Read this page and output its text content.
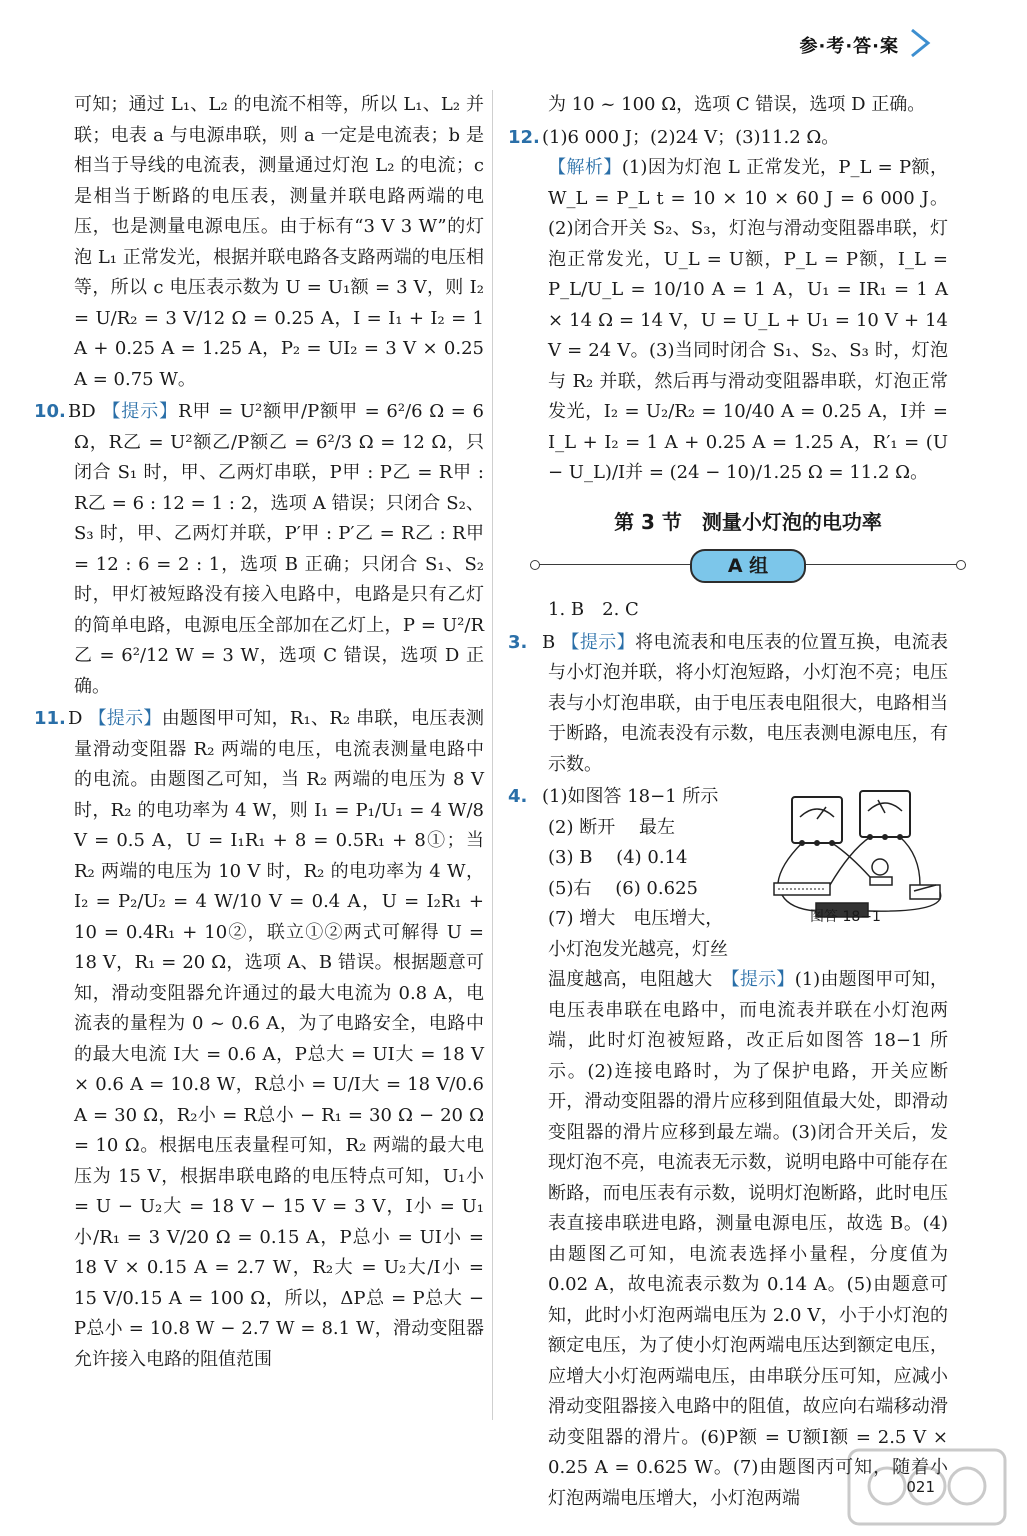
参·考·答·案

可知；通过 L₁、L₂ 的电流不相等，所以 L₁、L₂ 并联；电表 a 与电源串联，则 a 一定是电流表；b 是相当于导线的电流表，测量通过灯泡 L₂ 的电流；c 是相当于断路的电压表，测量并联电路两端的电压，也是测量电源电压。由于标有“3 V 3 W”的灯泡 L₁ 正常发光，根据并联电路各支路两端的电压相等，所以 c 电压表示数为 U = U₁额 = 3 V，则 I₂ = U/R₂ = 3 V/12 Ω = 0.25 A，I = I₁ + I₂ = 1 A + 0.25 A = 1.25 A，P₂ = UI₂ = 3 V × 0.25 A = 0.75 W。

10. BD 【提示】R甲 = U²额甲/P额甲 = 6²/6 Ω = 6 Ω，R乙 = U²额乙/P额乙 = 6²/3 Ω = 12 Ω，只闭合 S₁ 时，甲、乙两灯串联，P甲 : P乙 = R甲 : R乙 = 6 : 12 = 1 : 2，选项 A 错误；只闭合 S₂、S₃ 时，甲、乙两灯并联，P′甲 : P′乙 = R乙 : R甲 = 12 : 6 = 2 : 1，选项 B 正确；只闭合 S₁、S₂ 时，甲灯被短路没有接入电路中，电路是只有乙灯的简单电路，电源电压全部加在乙灯上，P = U²/R乙 = 6²/12 W = 3 W，选项 C 错误，选项 D 正确。

11. D 【提示】由题图甲可知，R₁、R₂ 串联，电压表测量滑动变阻器 R₂ 两端的电压，电流表测量电路中的电流。由题图乙可知，当 R₂ 两端的电压为 8 V 时，R₂ 的电功率为 4 W，则 I₁ = P₁/U₁ = 4 W/8 V = 0.5 A，U = I₁R₁ + 8 = 0.5R₁ + 8①；当 R₂ 两端的电压为 10 V 时，R₂ 的电功率为 4 W，I₂ = P₂/U₂ = 4 W/10 V = 0.4 A，U = I₂R₁ + 10 = 0.4R₁ + 10②，联立①②两式可解得 U = 18 V，R₁ = 20 Ω，选项 A、B 错误。根据题意可知，滑动变阻器允许通过的最大电流为 0.8 A，电流表的量程为 0 ~ 0.6 A，为了电路安全，电路中的最大电流 I大 = 0.6 A，P总大 = UI大 = 18 V × 0.6 A = 10.8 W，R总小 = U/I大 = 18 V/0.6 A = 30 Ω，R₂小 = R总小 − R₁ = 30 Ω − 20 Ω = 10 Ω。根据电压表量程可知，R₂ 两端的最大电压为 15 V，根据串联电路的电压特点可知，U₁小 = U − U₂大 = 18 V − 15 V = 3 V，I小 = U₁小/R₁ = 3 V/20 Ω = 0.15 A，P总小 = UI小 = 18 V × 0.15 A = 2.7 W，R₂大 = U₂大/I小 = 15 V/0.15 A = 100 Ω，所以，ΔP总 = P总大 − P总小 = 10.8 W − 2.7 W = 8.1 W，滑动变阻器允许接入电路的阻值范围

为 10 ~ 100 Ω，选项 C 错误，选项 D 正确。

12. (1)6 000 J；(2)24 V；(3)11.2 Ω。
【解析】(1)因为灯泡 L 正常发光，P_L = P额，W_L = P_L t = 10 × 10 × 60 J = 6 000 J。(2)闭合开关 S₂、S₃，灯泡与滑动变阻器串联，灯泡正常发光，U_L = U额，P_L = P额，I_L = P_L/U_L = 10/10 A = 1 A，U₁ = IR₁ = 1 A × 14 Ω = 14 V，U = U_L + U₁ = 10 V + 14 V = 24 V。(3)当同时闭合 S₁、S₂、S₃ 时，灯泡与 R₂ 并联，然后再与滑动变阻器串联，灯泡正常发光，I₂ = U₂/R₂ = 10/40 A = 0.25 A，I并 = I_L + I₂ = 1 A + 0.25 A = 1.25 A，R′₁ = (U − U_L)/I并 = (24 − 10)/1.25 Ω = 11.2 Ω。

第 3 节　测量小灯泡的电功率
A 组

1. B　2. C

3. B 【提示】将电流表和电压表的位置互换，电流表与小灯泡并联，将小灯泡短路，小灯泡不亮；电压表与小灯泡串联，由于电压表电阻很大，电路相当于断路，电流表没有示数，电压表测电源电压，有示数。

4. (1)如图答 18−1 所示
(2) 断开　 最左
(3) B　 (4) 0.14
(5)右　 (6) 0.625
(7) 增大　电压增大，
小灯泡发光越亮，灯丝

温度越高，电阻越大　 【提示】(1)由题图甲可知，电压表串联在电路中，而电流表并联在小灯泡两端，此时灯泡被短路，改正后如图答 18−1 所示。(2)连接电路时，为了保护电路，开关应断开，滑动变阻器的滑片应移到阻值最大处，即滑动变阻器的滑片应移到最左端。(3)闭合开关后，发现灯泡不亮，电流表无示数，说明电路中可能存在断路，而电压表有示数，说明灯泡断路，此时电压表直接串联进电路，测量电源电压，故选 B。(4)由题图乙可知，电流表选择小量程，分度值为 0.02 A，故电流表示数为 0.14 A。(5)由题意可知，此时小灯泡两端电压为 2.0 V，小于小灯泡的额定电压，为了使小灯泡两端电压达到额定电压，应增大小灯泡两端电压，由串联分压可知，应减小滑动变阻器接入电路中的阻值，故应向右端移动滑动变阻器的滑片。(6)P额 = U额I额 = 2.5 V × 0.25 A = 0.625 W。(7)由题图丙可知，随着小灯泡两端电压增大，小灯泡两端

图答 18−1
021
